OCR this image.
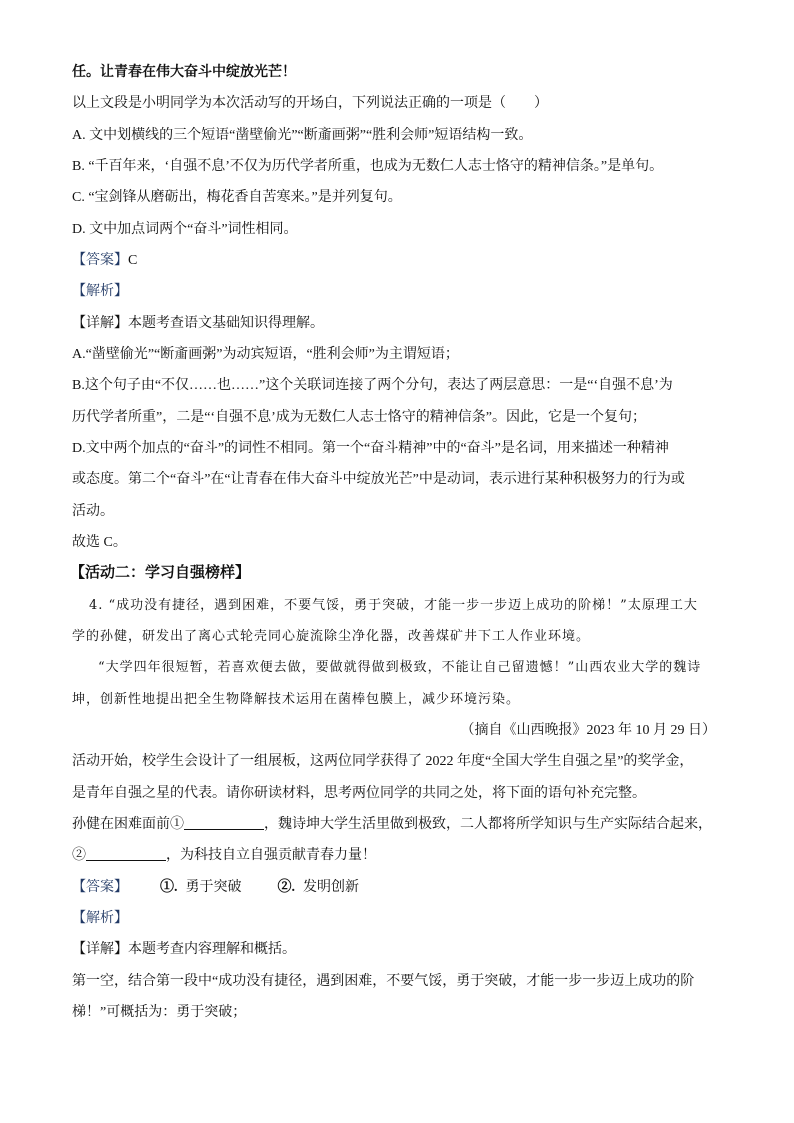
任。让青春在伟大奋斗中绽放光芒！
以上文段是小明同学为本次活动写的开场白，下列说法正确的一项是（　　）
A. 文中划横线的三个短语“凿壁偷光”“断齑画粥”“胜利会师”短语结构一致。
B. “千百年来，‘自强不息’不仅为历代学者所重，也成为无数仁人志士恪守的精神信条。”是单句。
C. “宝剑锋从磨砺出，梅花香自苦寒来。”是并列复句。
D. 文中加点词两个“奋斗”词性相同。
【答案】C
【解析】
【详解】本题考查语文基础知识得理解。
A.“凿壁偷光”“断齑画粥”为动宾短语，“胜利会师”为主谓短语；
B.这个句子由“不仅……也……”这个关联词连接了两个分句，表达了两层意思：一是“‘自强不息’为
历代学者所重”，二是“‘自强不息’成为无数仁人志士恪守的精神信条”。因此，它是一个复句；
D.文中两个加点的“奋斗”的词性不相同。第一个“奋斗精神”中的“奋斗”是名词，用来描述一种精神
或态度。第二个“奋斗”在“让青春在伟大奋斗中绽放光芒”中是动词，表示进行某种积极努力的行为或
活动。
故选 C。
【活动二：学习自强榜样】
4. “成功没有捷径，遇到困难，不要气馁，勇于突破，才能一步一步迈上成功的阶梯！”太原理工大
学的孙健，研发出了离心式轮壳同心旋流除尘净化器，改善煤矿井下工人作业环境。
“大学四年很短暂，若喜欢便去做，要做就得做到极致，不能让自己留遗憾！”山西农业大学的魏诗
坤，创新性地提出把全生物降解技术运用在菌棒包膜上，减少环境污染。
（摘自《山西晚报》2023 年 10 月 29 日）
活动开始，校学生会设计了一组展板，这两位同学获得了 2022 年度“全国大学生自强之星”的奖学金，
是青年自强之星的代表。请你研读材料，思考两位同学的共同之处，将下面的语句补充完整。
孙健在困难面前①	，魏诗坤大学生活里做到极致，二人都将所学知识与生产实际结合起来，
②	，为科技自立自强贡献青春力量！
【答案】 ①. 勇于突破	②. 发明创新
【解析】
【详解】本题考查内容理解和概括。
第一空，结合第一段中“成功没有捷径，遇到困难，不要气馁，勇于突破，才能一步一步迈上成功的阶
梯！”可概括为：勇于突破；
